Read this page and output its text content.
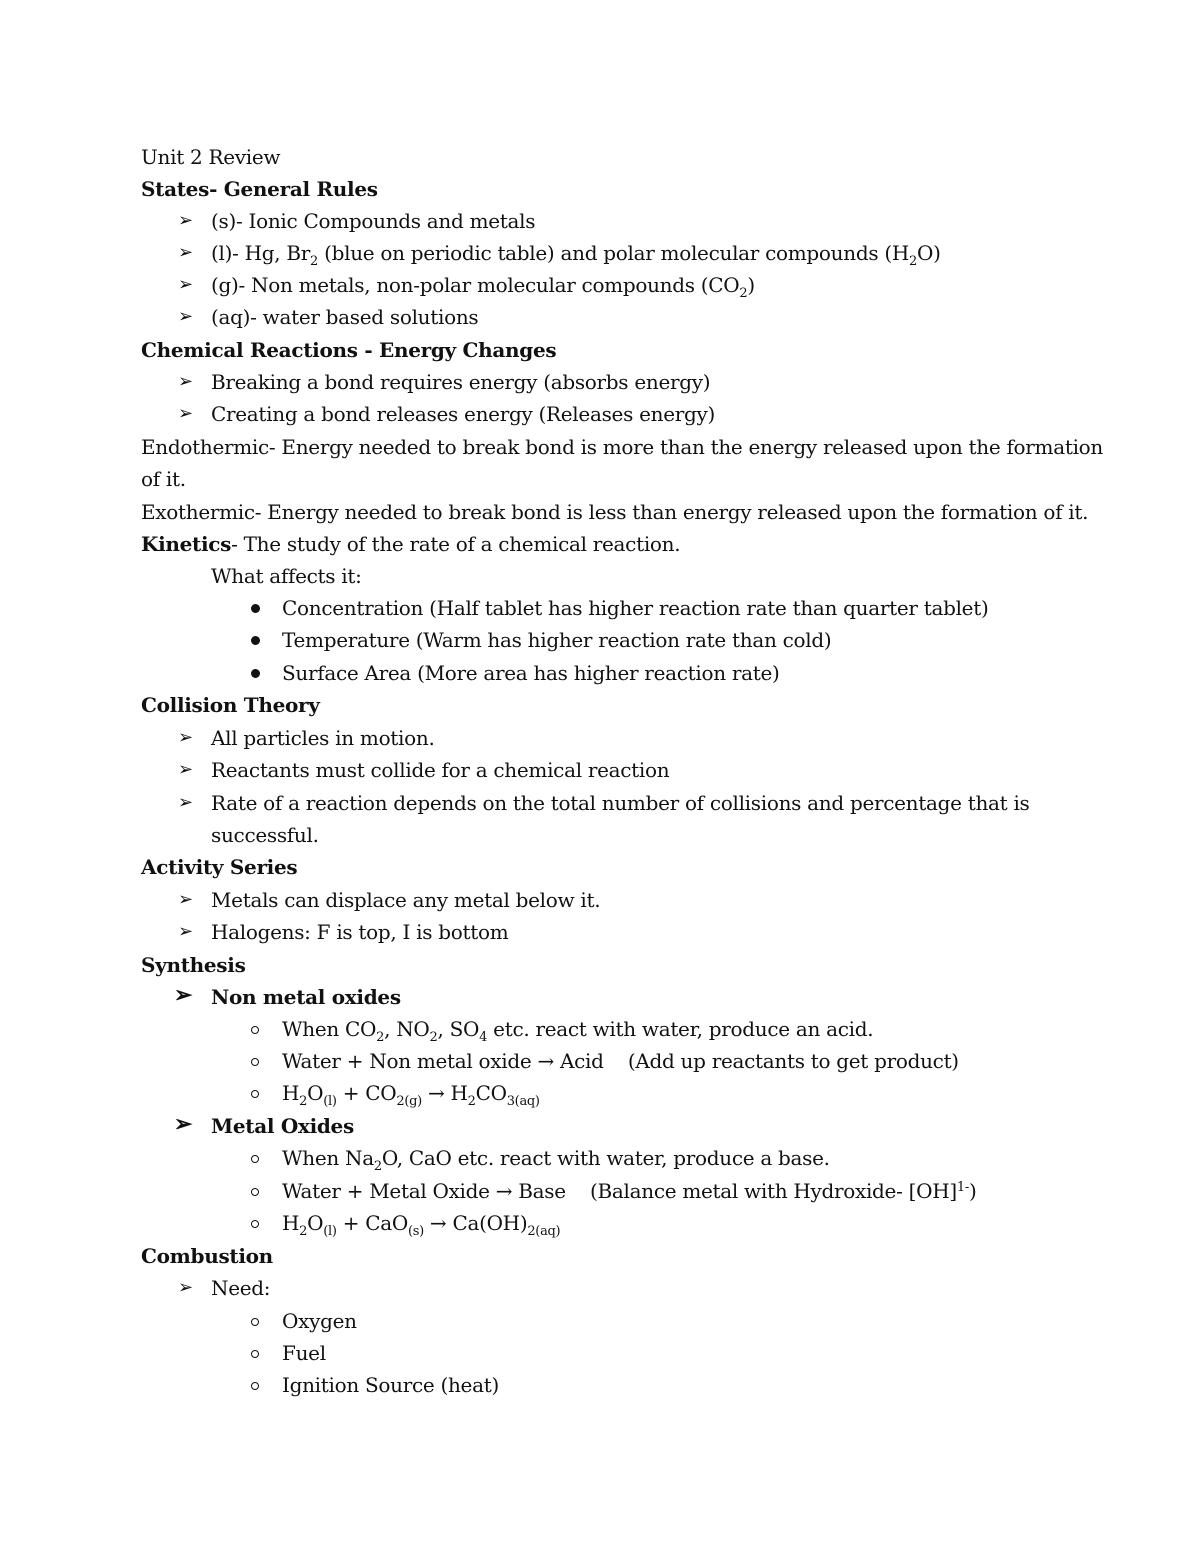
Unit 2 Review
States- General Rules
➢ (s)- Ionic Compounds and metals
➢ (l)- Hg, $Br_2$ (blue on periodic table) and polar molecular compounds $(H_2O)$
➢ (g)- Non metals, non-polar molecular compounds $(CO_2)$
➢ (aq)- water based solutions
Chemical Reactions - Energy Changes
➢ Breaking a bond requires energy (absorbs energy)
➢ Creating a bond releases energy (Releases energy)
Endothermic- Energy needed to break bond is more than the energy released upon the formation
of it.
Exothermic- Energy needed to break bond is less than energy released upon the formation of it.
Kinetics- The study of the rate of a chemical reaction.
What affects it:
Concentration (Half tablet has higher reaction rate than quarter tablet)
Temperature (Warm has higher reaction rate than cold)
Surface Area (More area has higher reaction rate)
Collision Theory
➢ All particles in motion.
➢ Reactants must collide for a chemical reaction
➢ Rate of a reaction depends on the total number of collisions and percentage that is
successful.
Activity Series
➢ Metals can displace any metal below it.
➢ Halogens: F is top, I is bottom
Synthesis
➢ Non metal oxides
When $CO_2$, $NO_2$, $SO_4$ etc. react with water, produce an acid.
Water + Non metal oxide → Acid    (Add up reactants to get product)
$H_2O_{(l)} + CO_{2(g)} \to H_2CO_{3(aq)}$
➢ Metal Oxides
When $Na_2O$, CaO etc. react with water, produce a base.
Water + Metal Oxide → Base    (Balance metal with Hydroxide- [OH]$^{1-}$)
$H_2O_{(l)} + CaO_{(s)} \to Ca(OH)_{2(aq)}$
Combustion
➢ Need:
Oxygen
Fuel
Ignition Source (heat)
